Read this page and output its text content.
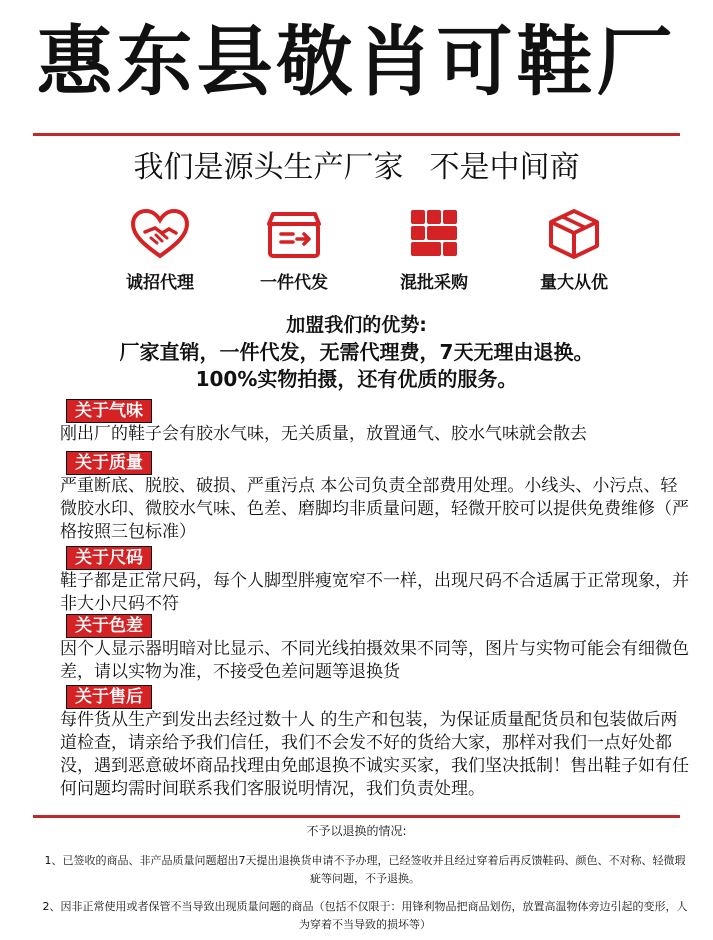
惠东县敬肖可鞋厂
我们是源头生产厂家 不是中间商
诚招代理	一件代发	混批采购	量大从优
加盟我们的优势:
厂家直销，一件代发，无需代理费，7天无理由退换。
100%实物拍摄，还有优质的服务。
关于气味
刚出厂的鞋子会有胶水气味，无关质量，放置通气、胶水气味就会散去
关于质量
严重断底、脱胶、破损、严重污点 本公司负责全部费用处理。小线头、小污点、轻微胶水印、微胶水气味、色差、磨脚均非质量问题，轻微开胶可以提供免费维修（严格按照三包标准）
关于尺码
鞋子都是正常尺码，每个人脚型胖瘦宽窄不一样，出现尺码不合适属于正常现象，并非大小尺码不符
关于色差
因个人显示器明暗对比显示、不同光线拍摄效果不同等，图片与实物可能会有细微色差，请以实物为准，不接受色差问题等退换货
关于售后
每件货从生产到发出去经过数十人 的生产和包装，为保证质量配货员和包装做后两道检查，请亲给予我们信任，我们不会发不好的货给大家，那样对我们一点好处都没，遇到恶意破坏商品找理由免邮退换不诚实买家，我们坚决抵制！售出鞋子如有任何问题均需时间联系我们客服说明情况，我们负责处理。
不予以退换的情况:
1、已签收的商品、非产品质量问题超出7天提出退换货申请不予办理，已经签收并且经过穿着后再反馈鞋码、颜色、不对称、轻微瑕疵等问题，不予退换。
2、因非正常使用或者保管不当导致出现质量问题的商品（包括不仅限于：用锋利物品把商品划伤，放置高温物体旁边引起的变形，人为穿着不当导致的损坏等）
